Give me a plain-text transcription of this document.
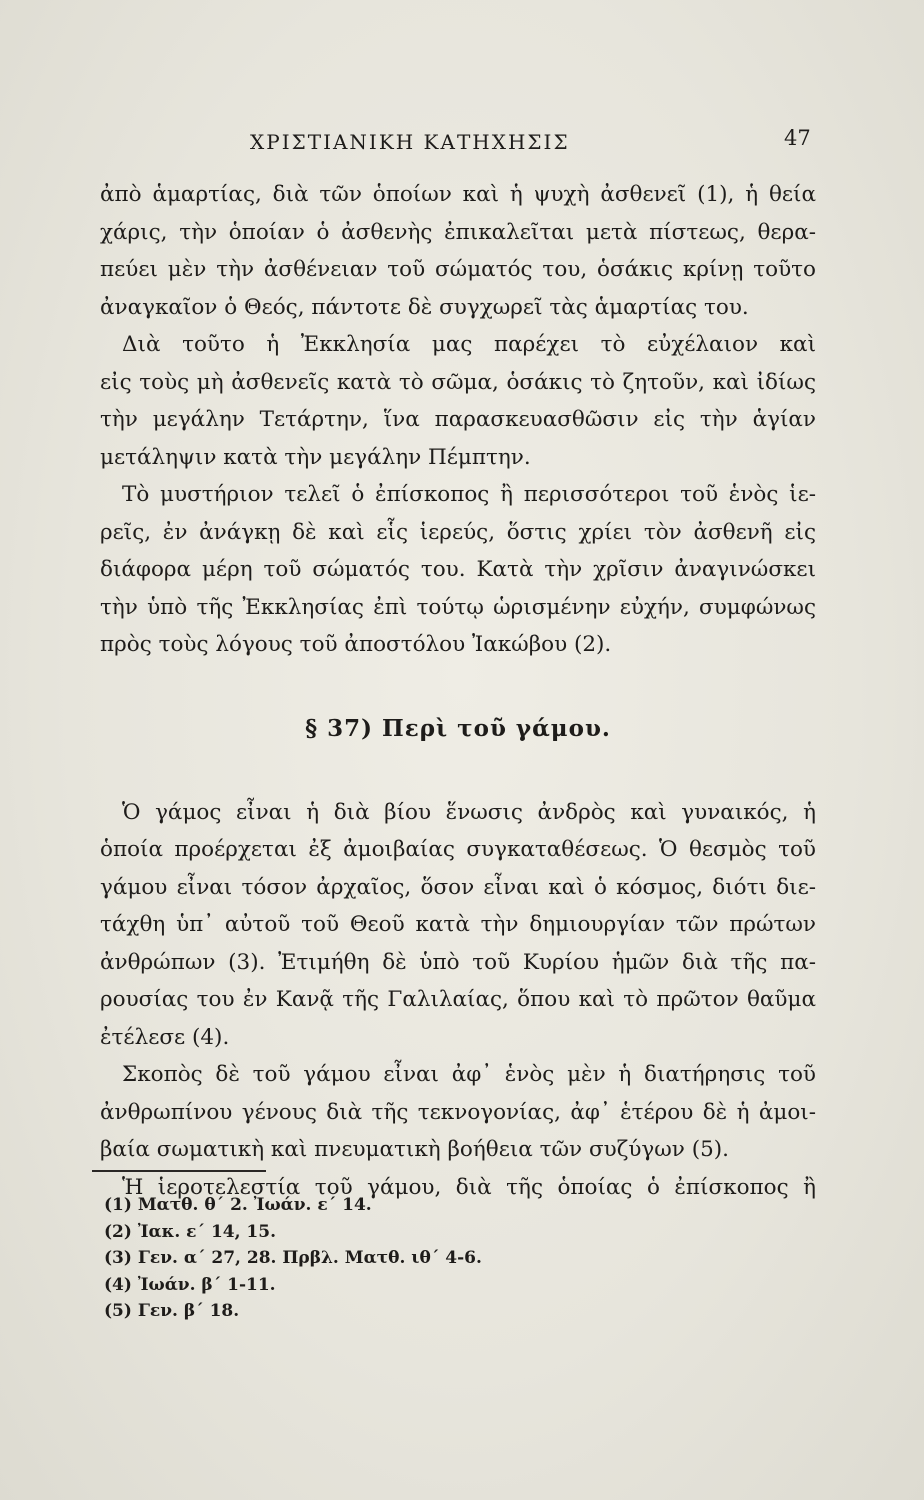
ΧΡΙΣΤΙΑΝΙΚΗ ΚΑΤΗΧΗΣΙΣ	47
ἀπὸ ἁμαρτίας, διὰ τῶν ὁποίων καὶ ἡ ψυχὴ ἀσθενεῖ (1), ἡ θεία
χάρις, τὴν ὁποίαν ὁ ἀσθενὴς ἐπικαλεῖται μετὰ πίστεως, θερα-
πεύει μὲν τὴν ἀσθένειαν τοῦ σώματός του, ὁσάκις κρίνῃ τοῦτο
ἀναγκαῖον ὁ Θεός, πάντοτε δὲ συγχωρεῖ τὰς ἁμαρτίας του.
Διὰ τοῦτο ἡ Ἐκκλησία μας παρέχει τὸ εὐχέλαιον καὶ
εἰς τοὺς μὴ ἀσθενεῖς κατὰ τὸ σῶμα, ὁσάκις τὸ ζητοῦν, καὶ ἰδίως
τὴν μεγάλην Τετάρτην, ἵνα παρασκευασθῶσιν εἰς τὴν ἁγίαν
μετάληψιν κατὰ τὴν μεγάλην Πέμπτην.
Τὸ μυστήριον τελεῖ ὁ ἐπίσκοπος ἢ περισσότεροι τοῦ ἑνὸς ἱε-
ρεῖς, ἐν ἀνάγκῃ δὲ καὶ εἷς ἱερεύς, ὅστις χρίει τὸν ἀσθενῆ εἰς
διάφορα μέρη τοῦ σώματός του. Κατὰ τὴν χρῖσιν ἀναγινώσκει
τὴν ὑπὸ τῆς Ἐκκλησίας ἐπὶ τούτῳ ὡρισμένην εὐχήν, συμφώνως
πρὸς τοὺς λόγους τοῦ ἀποστόλου Ἰακώβου (2).
§ 37) Περὶ τοῦ γάμου.
Ὁ γάμος εἶναι ἡ διὰ βίου ἕνωσις ἀνδρὸς καὶ γυναικός, ἡ
ὁποία προέρχεται ἐξ ἀμοιβαίας συγκαταθέσεως. Ὁ θεσμὸς τοῦ
γάμου εἶναι τόσον ἀρχαῖος, ὅσον εἶναι καὶ ὁ κόσμος, διότι διε-
τάχθη ὑπ᾽ αὐτοῦ τοῦ Θεοῦ κατὰ τὴν δημιουργίαν τῶν πρώτων
ἀνθρώπων (3). Ἐτιμήθη δὲ ὑπὸ τοῦ Κυρίου ἡμῶν διὰ τῆς πα-
ρουσίας του ἐν Κανᾷ τῆς Γαλιλαίας, ὅπου καὶ τὸ πρῶτον θαῦμα
ἐτέλεσε (4).
Σκοπὸς δὲ τοῦ γάμου εἶναι ἀφ᾽ ἑνὸς μὲν ἡ διατήρησις τοῦ
ἀνθρωπίνου γένους διὰ τῆς τεκνογονίας, ἀφ᾽ ἑτέρου δὲ ἡ ἀμοι-
βαία σωματικὴ καὶ πνευματικὴ βοήθεια τῶν συζύγων (5).
Ἡ ἱεροτελεστία τοῦ γάμου, διὰ τῆς ὁποίας ὁ ἐπίσκοπος ἢ
(1) Ματθ. θ´ 2. Ἰωάν. ε´ 14.
(2) Ἰακ. ε´ 14, 15.
(3) Γεν. α´ 27, 28. Πρβλ. Ματθ. ιθ´ 4-6.
(4) Ἰωάν. β´ 1-11.
(5) Γεν. β´ 18.
